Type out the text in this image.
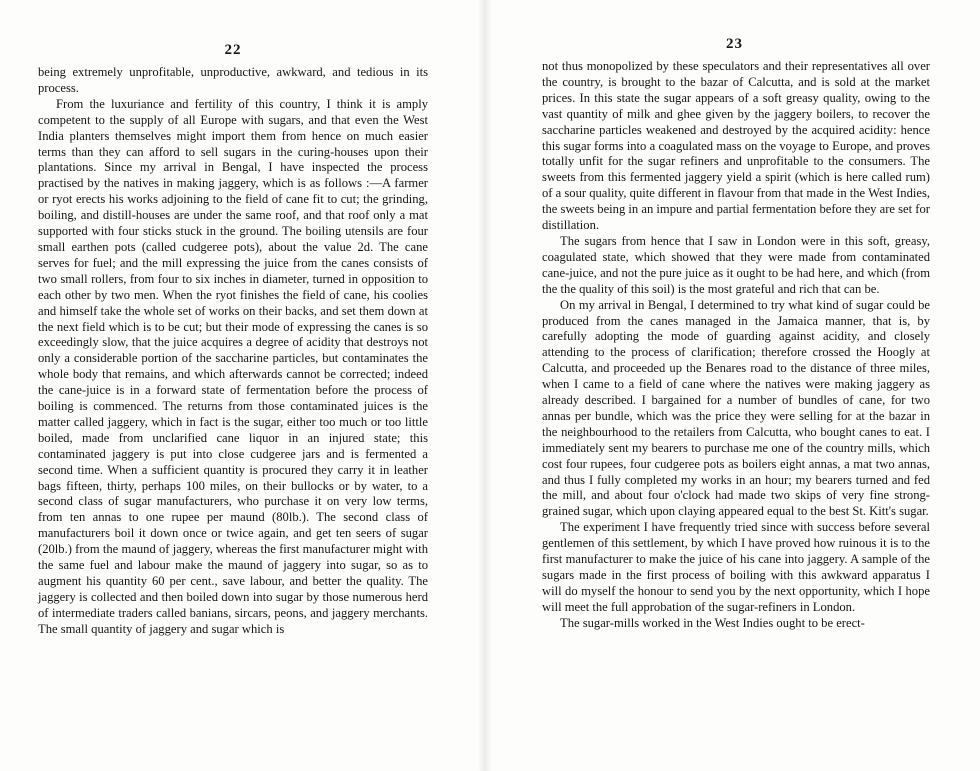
22

being extremely unprofitable, unproductive, awkward, and tedious in its process.

From the luxuriance and fertility of this country, I think it is amply competent to the supply of all Europe with sugars, and that even the West India planters themselves might import them from hence on much easier terms than they can afford to sell sugars in the curing-houses upon their plantations. Since my arrival in Bengal, I have inspected the process practised by the natives in making jaggery, which is as follows :—A farmer or ryot erects his works adjoining to the field of cane fit to cut; the grinding, boiling, and distill-houses are under the same roof, and that roof only a mat supported with four sticks stuck in the ground. The boiling utensils are four small earthen pots (called cudgeree pots), about the value 2d. The cane serves for fuel; and the mill expressing the juice from the canes consists of two small rollers, from four to six inches in diameter, turned in opposition to each other by two men. When the ryot finishes the field of cane, his coolies and himself take the whole set of works on their backs, and set them down at the next field which is to be cut; but their mode of expressing the canes is so exceedingly slow, that the juice acquires a degree of acidity that destroys not only a considerable portion of the saccharine particles, but contaminates the whole body that remains, and which afterwards cannot be corrected; indeed the cane-juice is in a forward state of fermentation before the process of boiling is commenced. The returns from those contaminated juices is the matter called jaggery, which in fact is the sugar, either too much or too little boiled, made from unclarified cane liquor in an injured state; this contaminated jaggery is put into close cudgeree jars and is fermented a second time. When a sufficient quantity is procured they carry it in leather bags fifteen, thirty, perhaps 100 miles, on their bullocks or by water, to a second class of sugar manufacturers, who purchase it on very low terms, from ten annas to one rupee per maund (80lb.). The second class of manufacturers boil it down once or twice again, and get ten seers of sugar (20lb.) from the maund of jaggery, whereas the first manufacturer might with the same fuel and labour make the maund of jaggery into sugar, so as to augment his quantity 60 per cent., save labour, and better the quality. The jaggery is collected and then boiled down into sugar by those numerous herd of intermediate traders called banians, sircars, peons, and jaggery merchants. The small quantity of jaggery and sugar which is

23

not thus monopolized by these speculators and their representatives all over the country, is brought to the bazar of Calcutta, and is sold at the market prices. In this state the sugar appears of a soft greasy quality, owing to the vast quantity of milk and ghee given by the jaggery boilers, to recover the saccharine particles weakened and destroyed by the acquired acidity: hence this sugar forms into a coagulated mass on the voyage to Europe, and proves totally unfit for the sugar refiners and unprofitable to the consumers. The sweets from this fermented jaggery yield a spirit (which is here called rum) of a sour quality, quite different in flavour from that made in the West Indies, the sweets being in an impure and partial fermentation before they are set for distillation.

The sugars from hence that I saw in London were in this soft, greasy, coagulated state, which showed that they were made from contaminated cane-juice, and not the pure juice as it ought to be had here, and which (from the the quality of this soil) is the most grateful and rich that can be.

On my arrival in Bengal, I determined to try what kind of sugar could be produced from the canes managed in the Jamaica manner, that is, by carefully adopting the mode of guarding against acidity, and closely attending to the process of clarification; therefore crossed the Hoogly at Calcutta, and proceeded up the Benares road to the distance of three miles, when I came to a field of cane where the natives were making jaggery as already described. I bargained for a number of bundles of cane, for two annas per bundle, which was the price they were selling for at the bazar in the neighbourhood to the retailers from Calcutta, who bought canes to eat. I immediately sent my bearers to purchase me one of the country mills, which cost four rupees, four cudgeree pots as boilers eight annas, a mat two annas, and thus I fully completed my works in an hour; my bearers turned and fed the mill, and about four o'clock had made two skips of very fine strong-grained sugar, which upon claying appeared equal to the best St. Kitt's sugar.

The experiment I have frequently tried since with success before several gentlemen of this settlement, by which I have proved how ruinous it is to the first manufacturer to make the juice of his cane into jaggery. A sample of the sugars made in the first process of boiling with this awkward apparatus I will do myself the honour to send you by the next opportunity, which I hope will meet the full approbation of the sugar-refiners in London.

The sugar-mills worked in the West Indies ought to be erect-
